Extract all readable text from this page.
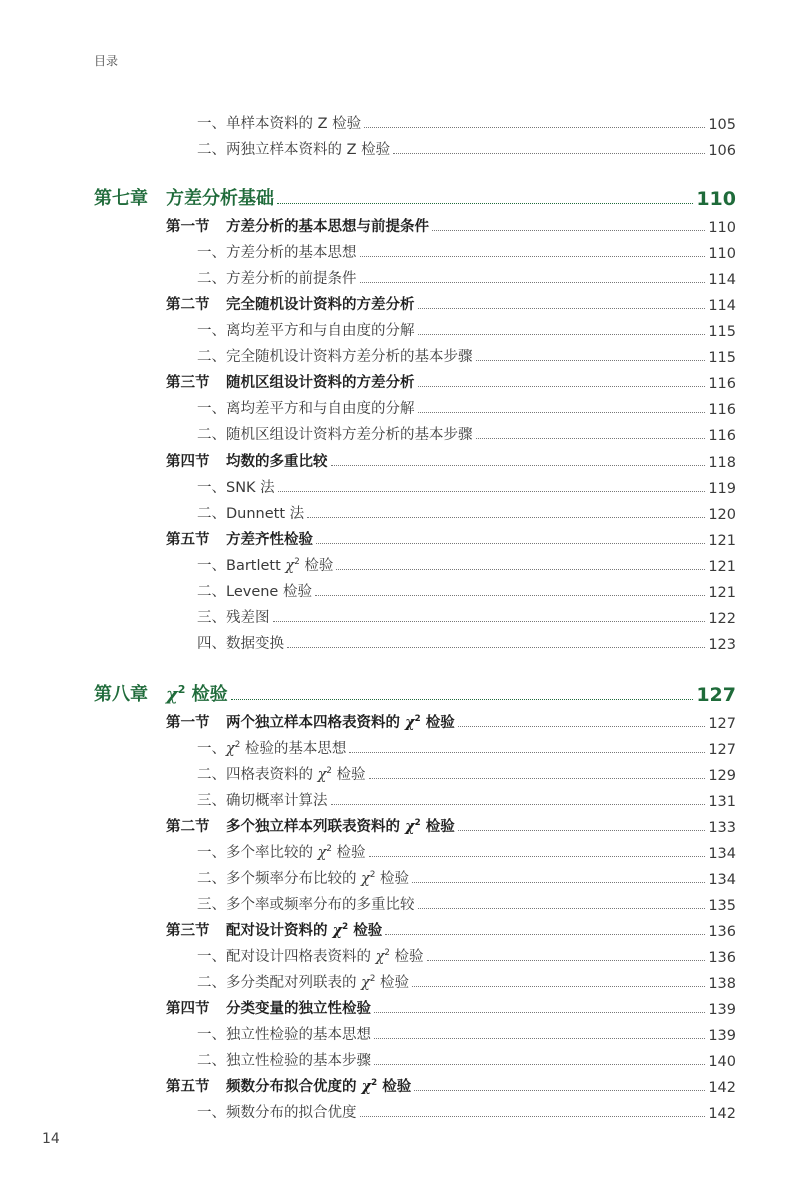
目录
一、单样本资料的 Z 检验	105
二、两独立样本资料的 Z 检验	106
第七章 方差分析基础	110
第一节 方差分析的基本思想与前提条件	110
一、方差分析的基本思想	110
二、方差分析的前提条件	114
第二节 完全随机设计资料的方差分析	114
一、离均差平方和与自由度的分解	115
二、完全随机设计资料方差分析的基本步骤	115
第三节 随机区组设计资料的方差分析	116
一、离均差平方和与自由度的分解	116
二、随机区组设计资料方差分析的基本步骤	116
第四节 均数的多重比较	118
一、SNK 法	119
二、Dunnett 法	120
第五节 方差齐性检验	121
一、Bartlett $\chi^2$ 检验	121
二、Levene 检验	121
三、残差图	122
四、数据变换	123
第八章 $\chi^2$ 检验	127
第一节 两个独立样本四格表资料的 $\chi^2$ 检验	127
一、$\chi^2$ 检验的基本思想	127
二、四格表资料的 $\chi^2$ 检验	129
三、确切概率计算法	131
第二节 多个独立样本列联表资料的 $\chi^2$ 检验	133
一、多个率比较的 $\chi^2$ 检验	134
二、多个频率分布比较的 $\chi^2$ 检验	134
三、多个率或频率分布的多重比较	135
第三节 配对设计资料的 $\chi^2$ 检验	136
一、配对设计四格表资料的 $\chi^2$ 检验	136
二、多分类配对列联表的 $\chi^2$ 检验	138
第四节 分类变量的独立性检验	139
一、独立性检验的基本思想	139
二、独立性检验的基本步骤	140
第五节 频数分布拟合优度的 $\chi^2$ 检验	142
一、频数分布的拟合优度	142
14
